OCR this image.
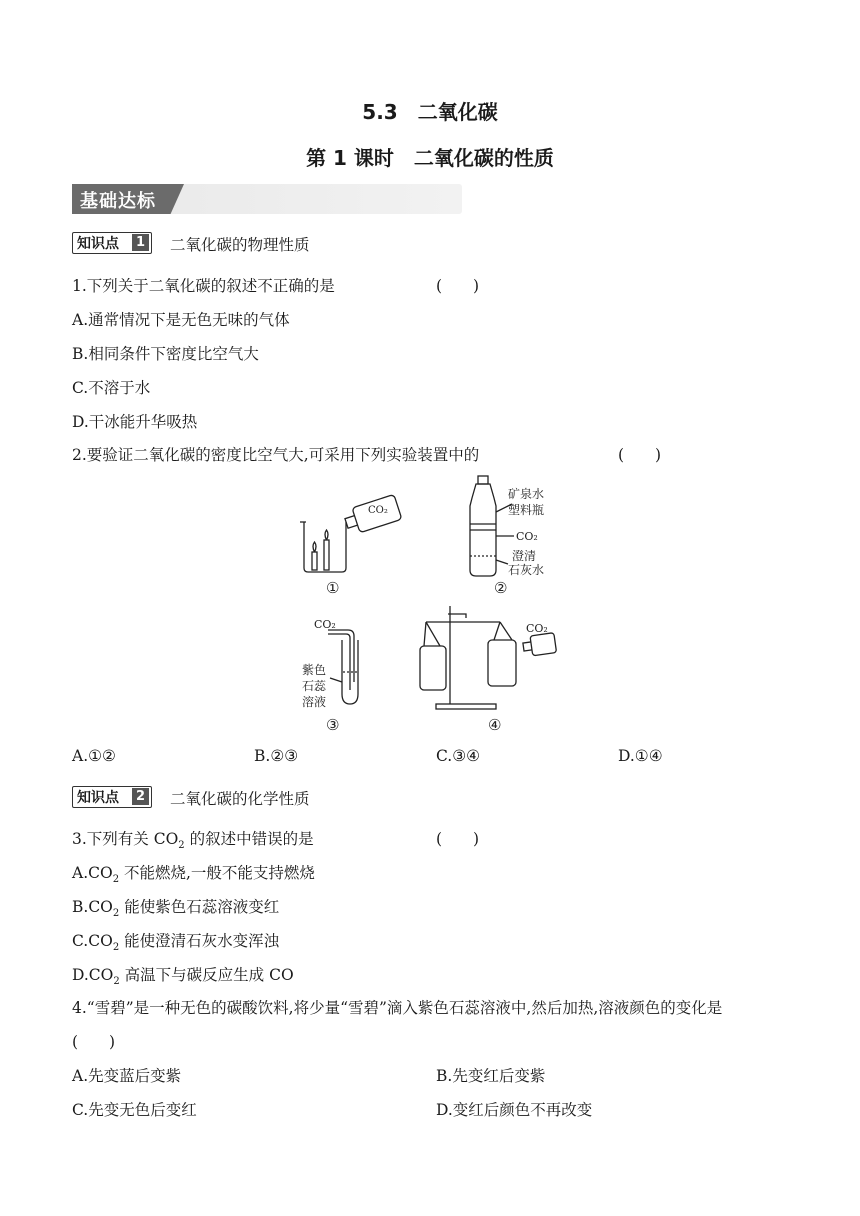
5.3　二氧化碳
第 1 课时　二氧化碳的性质
基础达标
知识点	1 二氧化碳的物理性质
1.下列关于二氧化碳的叙述不正确的是	(　　)
A.通常情况下是无色无味的气体
B.相同条件下密度比空气大
C.不溶于水
D.干冰能升华吸热
2.要验证二氧化碳的密度比空气大,可采用下列实验装置中的	(　　)
CO₂
矿泉水
塑料瓶
CO₂
澄清
石灰水
CO₂
紫色
石蕊
溶液
CO₂
①	②
③	④
A.①②	B.②③	C.③④	D.①④
知识点	2 二氧化碳的化学性质
3.下列有关 $CO_2$ 的叙述中错误的是	(　　)
$A.CO_2$ 不能燃烧,一般不能支持燃烧
$B.CO_2$ 能使紫色石蕊溶液变红
$C.CO_2$ 能使澄清石灰水变浑浊
$D.CO_2$ 高温下与碳反应生成 CO
4.“雪碧”是一种无色的碳酸饮料,将少量“雪碧”滴入紫色石蕊溶液中,然后加热,溶液颜色的变化是
(　　)
A.先变蓝后变紫	B.先变红后变紫
C.先变无色后变红	D.变红后颜色不再改变
